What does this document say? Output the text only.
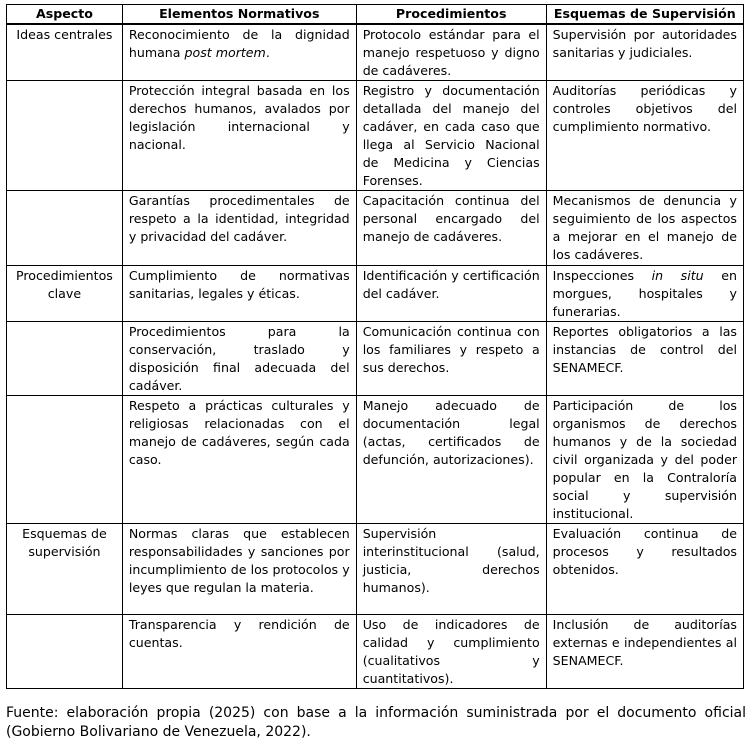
Aspecto	Elementos Normativos	Procedimientos	Esquemas de Supervisión
Ideas centrales	Reconocimiento de la dignidad humana post mortem.	Protocolo estándar para el manejo respetuoso y digno de cadáveres.	Supervisión por autoridades sanitarias y judiciales.
	Protección integral basada en los derechos humanos, avalados por legislación internacional y nacional.	Registro y documentación detallada del manejo del cadáver, en cada caso que llega al Servicio Nacional de Medicina y Ciencias Forenses.	Auditorías periódicas y controles objetivos del cumplimiento normativo.
	Garantías procedimentales de respeto a la identidad, integridad y privacidad del cadáver.	Capacitación continua del personal encargado del manejo de cadáveres.	Mecanismos de denuncia y seguimiento de los aspectos a mejorar en el manejo de los cadáveres.
Procedimientos clave	Cumplimiento de normativas sanitarias, legales y éticas.	Identificación y certificación del cadáver.	Inspecciones in situ en morgues, hospitales y funerarias.
	Procedimientos para la conservación, traslado y disposición final adecuada del cadáver.	Comunicación continua con los familiares y respeto a sus derechos.	Reportes obligatorios a las instancias de control del SENAMECF.
	Respeto a prácticas culturales y religiosas relacionadas con el manejo de cadáveres, según cada caso.	Manejo adecuado de documentación legal (actas, certificados de defunción, autorizaciones).	Participación de los organismos de derechos humanos y de la sociedad civil organizada y del poder popular en la Contraloría social y supervisión institucional.
Esquemas de supervisión	Normas claras que establecen responsabilidades y sanciones por incumplimiento de los protocolos y leyes que regulan la materia.	Supervisión interinstitucional (salud, justicia, derechos humanos).	Evaluación continua de procesos y resultados obtenidos.
	Transparencia y rendición de cuentas.	Uso de indicadores de calidad y cumplimiento (cualitativos y cuantitativos).	Inclusión de auditorías externas e independientes al SENAMECF.
Fuente: elaboración propia (2025) con base a la información suministrada por el documento oficial (Gobierno Bolivariano de Venezuela, 2022).
